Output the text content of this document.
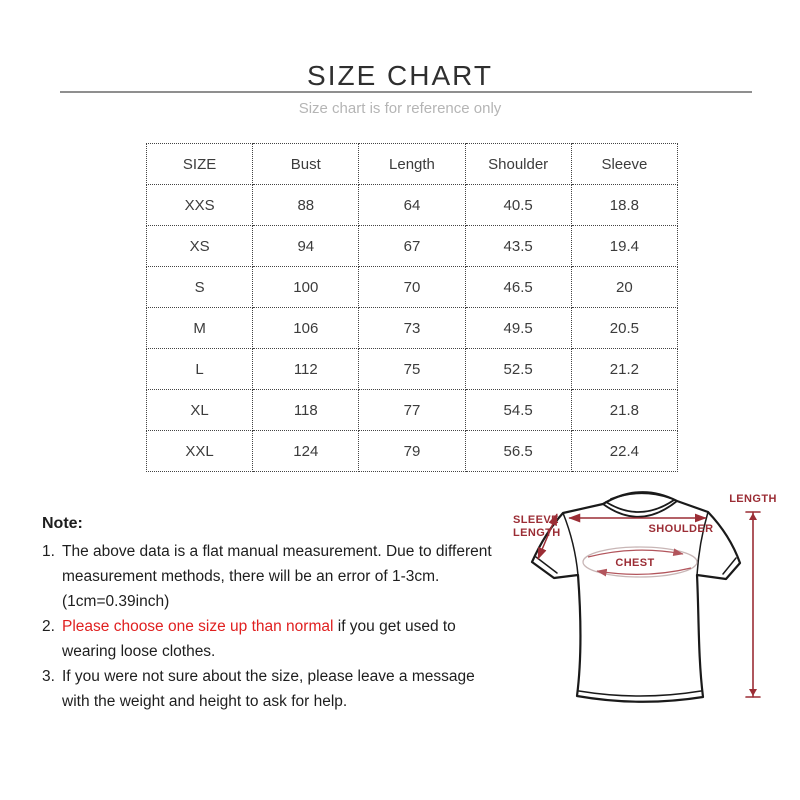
SIZE CHART
Size chart is for reference only
SIZE	Bust	Length	Shoulder	Sleeve
XXS	88	64	40.5	18.8
XS	94	67	43.5	19.4
S	100	70	46.5	20
M	106	73	49.5	20.5
L	112	75	52.5	21.2
XL	118	77	54.5	21.8
XXL	124	79	56.5	22.4
Note:
1. The above data is a flat manual measurement. Due to different measurement methods, there will be an error of 1-3cm. (1cm=0.39inch)
2. Please choose one size up than normal if you get used to wearing loose clothes.
3. If you were not sure about the size, please leave a message with the weight and height to ask for help.
SLEEVE
LENGTH	SHOULDER
CHEST
LENGTH
